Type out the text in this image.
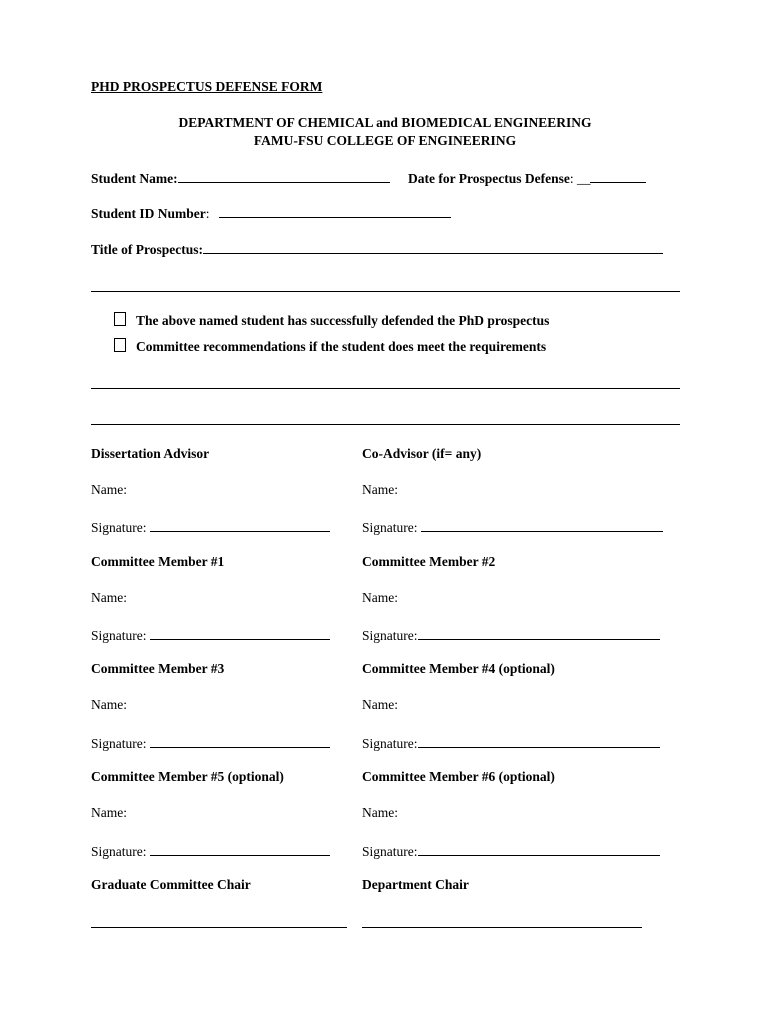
PHD PROSPECTUS DEFENSE FORM
DEPARTMENT OF CHEMICAL and BIOMEDICAL ENGINEERING
FAMU-FSU COLLEGE OF ENGINEERING
Student Name:	Date for Prospectus Defense: __
Student ID Number:
Title of Prospectus:
The above named student has successfully defended the PhD prospectus
Committee recommendations if the student does meet the requirements
Dissertation Advisor	Co-Advisor (if= any)
Name:	Name:
Signature:	Signature:
Committee Member #1	Committee Member #2
Name:	Name:
Signature:	Signature:
Committee Member #3	Committee Member #4 (optional)
Name:	Name:
Signature:	Signature:
Committee Member #5 (optional)	Committee Member #6 (optional)
Name:	Name:
Signature:	Signature:
Graduate Committee Chair	Department Chair
